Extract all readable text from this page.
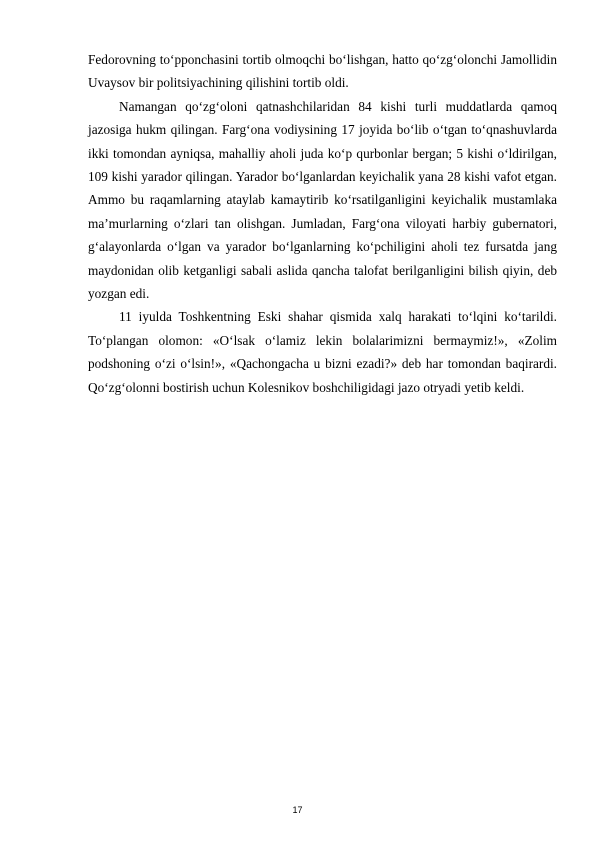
Fedorovning to‘pponchasini tortib olmoqchi bo‘lishgan, hatto qo‘zg‘olonchi Jamollidin Uvaysov bir politsiyachining qilishini tortib oldi.

Namangan qo‘zg‘oloni qatnashchilaridan 84 kishi turli muddatlarda qamoq jazosiga hukm qilingan. Farg‘ona vodiysining 17 joyida bo‘lib o‘tgan to‘qnashuvlarda ikki tomondan ayniqsa, mahalliy aholi juda ko‘p qurbonlar bergan; 5 kishi o‘ldirilgan, 109 kishi yarador qilingan. Yarador bo‘lganlardan keyichalik yana 28 kishi vafot etgan. Ammo bu raqamlarning ataylab kamaytirib ko‘rsatilganligini keyichalik mustamlaka ma’murlarning o‘zlari tan olishgan. Jumladan, Farg‘ona viloyati harbiy gubernatori, g‘alayonlarda o‘lgan va yarador bo‘lganlarning ko‘pchiligini aholi tez fursatda jang maydonidan olib ketganligi sabali aslida qancha talofat berilganligini bilish qiyin, deb yozgan edi.

11 iyulda Toshkentning Eski shahar qismida xalq harakati to‘lqini ko‘tarildi. To‘plangan olomon: «O‘lsak o‘lamiz lekin bolalarimizni bermaymiz!», «Zolim podshoning o‘zi o‘lsin!», «Qachongacha u bizni ezadi?» deb har tomondan baqirardi. Qo‘zg‘olonni bostirish uchun Kolesnikov boshchiligidagi jazo otryadi yetib keldi.

17
